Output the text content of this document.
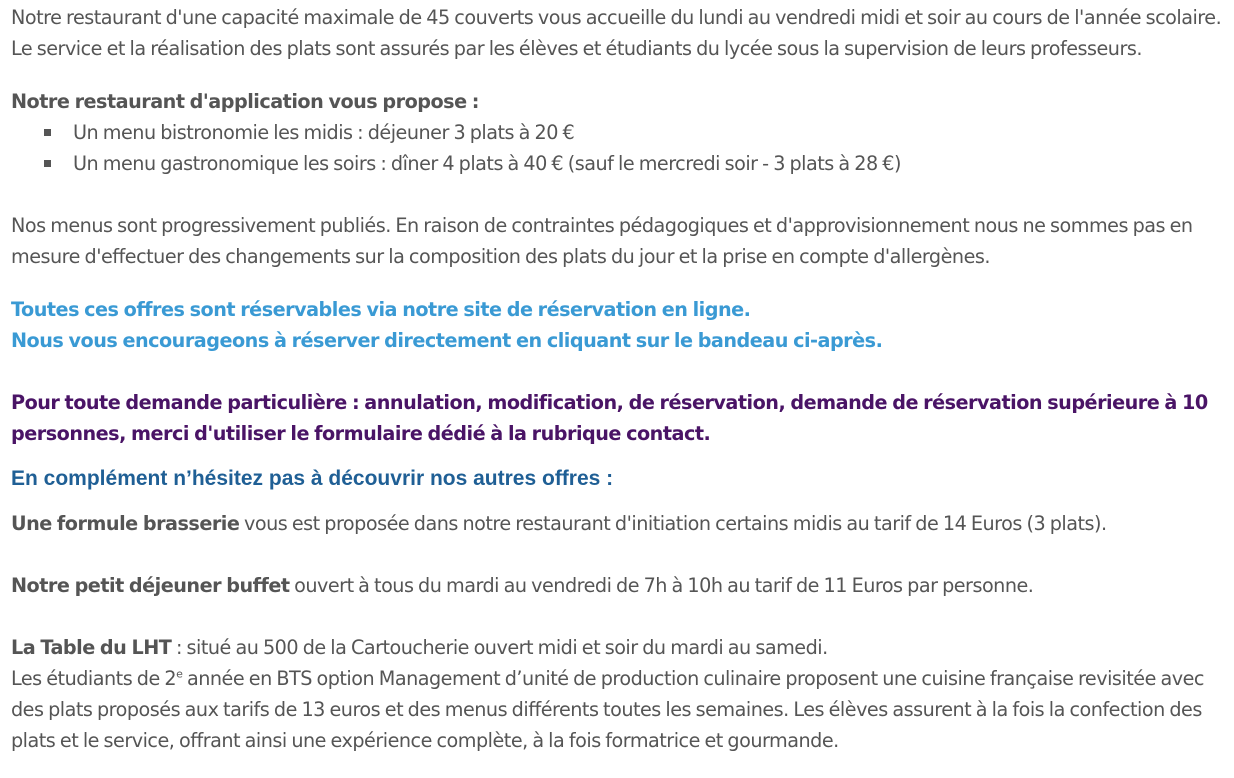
Notre restaurant d'une capacité maximale de 45 couverts vous accueille du lundi au vendredi midi et soir au cours de l'année scolaire.
Le service et la réalisation des plats sont assurés par les élèves et étudiants du lycée sous la supervision de leurs professeurs.

Notre restaurant d'application vous propose :

Un menu bistronomie les midis : déjeuner 3 plats à 20 €
Un menu gastronomique les soirs : dîner 4 plats à 40 € (sauf le mercredi soir - 3 plats à 28 €)

Nos menus sont progressivement publiés. En raison de contraintes pédagogiques et d'approvisionnement nous ne sommes pas en
mesure d'effectuer des changements sur la composition des plats du jour et la prise en compte d'allergènes.

Toutes ces offres sont réservables via notre site de réservation en ligne.
Nous vous encourageons à réserver directement en cliquant sur le bandeau ci-après.

Pour toute demande particulière : annulation, modification, de réservation, demande de réservation supérieure à 10
personnes, merci d'utiliser le formulaire dédié à la rubrique contact.

En complément n’hésitez pas à découvrir nos autres offres :

Une formule brasserie vous est proposée dans notre restaurant d'initiation certains midis au tarif de 14 Euros (3 plats).

Notre petit déjeuner buffet ouvert à tous du mardi au vendredi de 7h à 10h au tarif de 11 Euros par personne.

La Table du LHT : situé au 500 de la Cartoucherie ouvert midi et soir du mardi au samedi.
Les étudiants de 2e année en BTS option Management d’unité de production culinaire proposent une cuisine française revisitée avec
des plats proposés aux tarifs de 13 euros et des menus différents toutes les semaines. Les élèves assurent à la fois la confection des
plats et le service, offrant ainsi une expérience complète, à la fois formatrice et gourmande.
